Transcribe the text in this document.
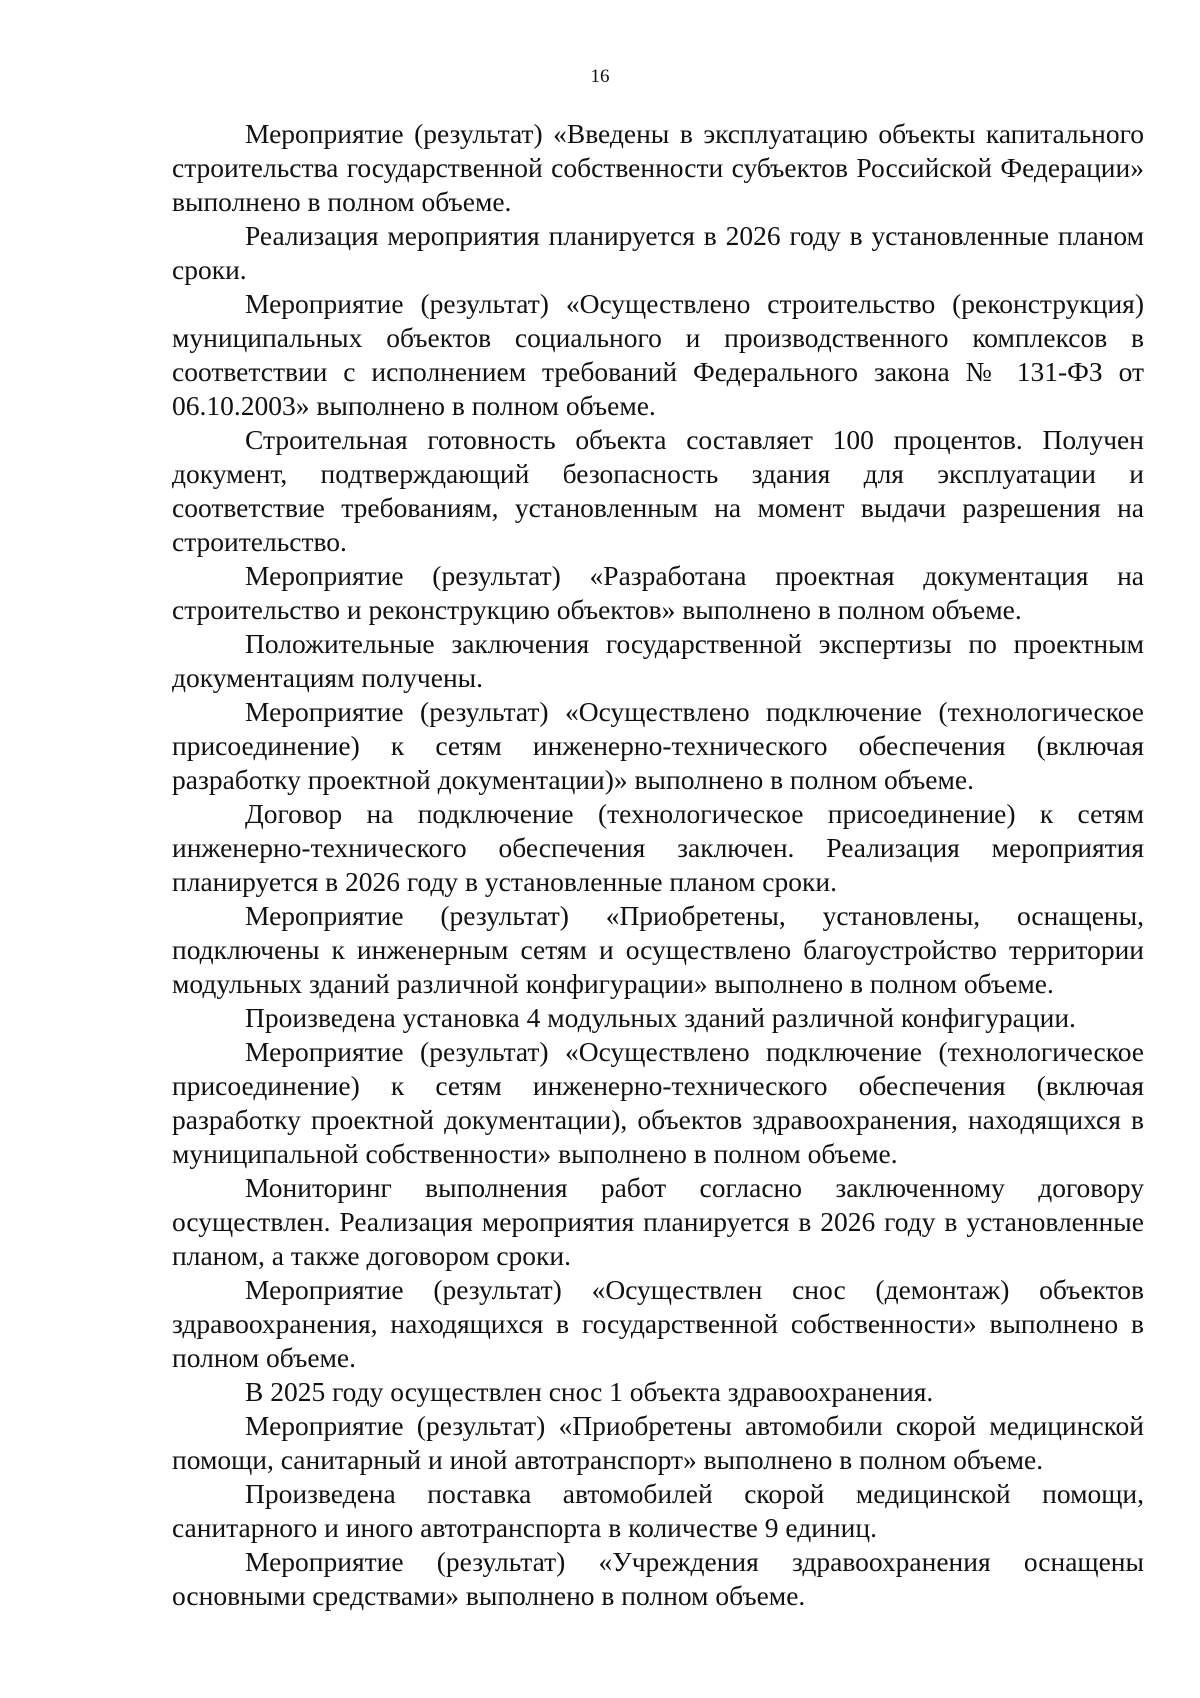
16

Мероприятие (результат) «Введены в эксплуатацию объекты капитального строительства государственной собственности субъектов Российской Федерации» выполнено в полном объеме.

Реализация мероприятия планируется в 2026 году в установленные планом сроки.

Мероприятие (результат) «Осуществлено строительство (реконструкция) муниципальных объектов социального и производственного комплексов в соответствии с исполнением требований Федерального закона № 131-ФЗ от 06.10.2003» выполнено в полном объеме.

Строительная готовность объекта составляет 100 процентов. Получен документ, подтверждающий безопасность здания для эксплуатации и соответствие требованиям, установленным на момент выдачи разрешения на строительство.

Мероприятие (результат) «Разработана проектная документация на строительство и реконструкцию объектов» выполнено в полном объеме.

Положительные заключения государственной экспертизы по проектным документациям получены.

Мероприятие (результат) «Осуществлено подключение (технологическое присоединение) к сетям инженерно-технического обеспечения (включая разработку проектной документации)» выполнено в полном объеме.

Договор на подключение (технологическое присоединение) к сетям инженерно-технического обеспечения заключен. Реализация мероприятия планируется в 2026 году в установленные планом сроки.

Мероприятие (результат) «Приобретены, установлены, оснащены, подключены к инженерным сетям и осуществлено благоустройство территории модульных зданий различной конфигурации» выполнено в полном объеме.

Произведена установка 4 модульных зданий различной конфигурации.

Мероприятие (результат) «Осуществлено подключение (технологическое присоединение) к сетям инженерно-технического обеспечения (включая разработку проектной документации), объектов здравоохранения, находящихся в муниципальной собственности» выполнено в полном объеме.

Мониторинг выполнения работ согласно заключенному договору осуществлен. Реализация мероприятия планируется в 2026 году в установленные планом, а также договором сроки.

Мероприятие (результат) «Осуществлен снос (демонтаж) объектов здравоохранения, находящихся в государственной собственности» выполнено в полном объеме.

В 2025 году осуществлен снос 1 объекта здравоохранения.

Мероприятие (результат) «Приобретены автомобили скорой медицинской помощи, санитарный и иной автотранспорт» выполнено в полном объеме.

Произведена поставка автомобилей скорой медицинской помощи, санитарного и иного автотранспорта в количестве 9 единиц.

Мероприятие (результат) «Учреждения здравоохранения оснащены основными средствами» выполнено в полном объеме.
